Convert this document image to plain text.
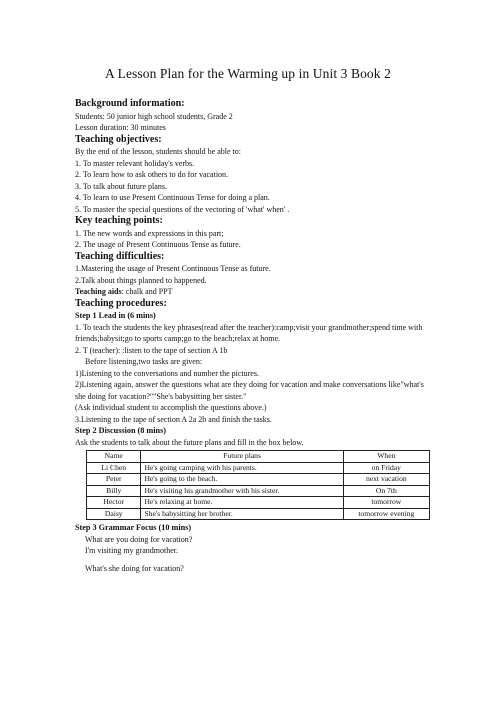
A Lesson Plan for the Warming up in Unit 3 Book 2

Background information:

Students: 50 junior high school students, Grade 2

Lesson duration: 30 minutes

Teaching objectives:

By the end of the lesson, students should be able to:

1. To master relevant holiday's verbs.

2. To learn how to ask others to do for vacation.

3. To talk about future plans.

4. To learn to use Present Continuous Tense for doing a plan.

5. To master the special questions of the vectoring of 'what' when' .

Key teaching points:

1. The new words and expressions in this part;

2. The usage of Present Continuous Tense as future.

Teaching difficulties:

1.Mastering the usage of Present Continuous Tense as future.

2.Talk about things planned to happened.

Teaching aids: chalk and PPT

Teaching procedures:

Step 1 Lead in (6 mins)

1. To teach the students the key phrases(read after the teacher):camp;visit your grandmother;spend time with friends;babysit;go to sports camp;go to the beach;relax at home.

2. T (teacher): :listen to the tape of section A 1b

Before listening,two tasks are given:

1)Listening to the conversations and number the pictures.

2)Listening again, answer the questions what are they doing for vacation and make conversations like"what's she doing for vacation?""She's babysitting her sister."

(Ask individual student to accomplish the questions above.)

3.Listening to the tape of section A 2a 2b and finish the tasks.

Step 2 Discussion (8 mins)

Ask the students to talk about the future plans and fill in the box below.

Name	Future plans	When
Li Chen	He's going camping with his parents.	on Friday
Peter	He's going to the beach.	next vacation
Billy	He's visiting his grandmother with his sister.	On 7th
Hector	He's relaxing at home.	tomorrow
Daisy	She's babysitting her brother.	tomorrow evening

Step 3 Grammar Focus (10 mins)

What are you doing for vacation?

I'm visiting my grandmother.

What's she doing for vacation?
